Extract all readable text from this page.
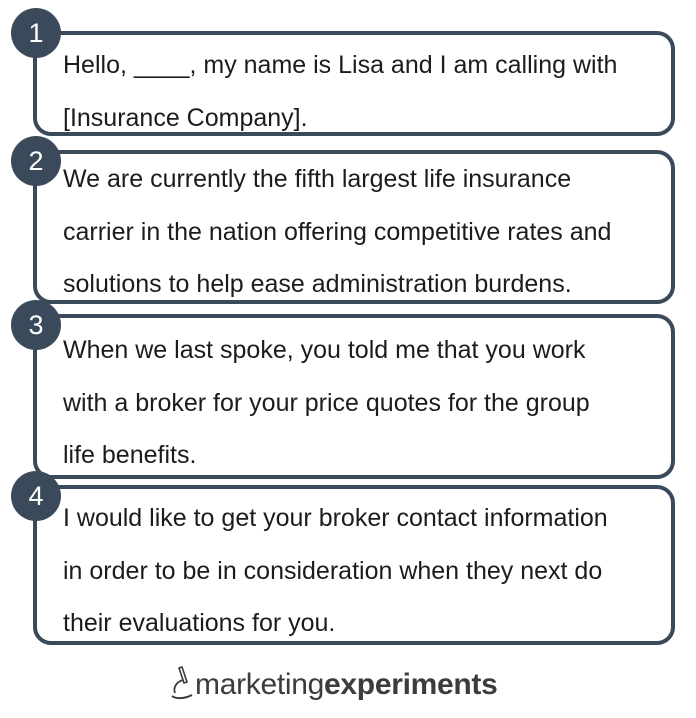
1

Hello, ____, my name is Lisa and I am calling with
[Insurance Company].

2

We are currently the fifth largest life insurance
carrier in the nation offering competitive rates and
solutions to help ease administration burdens.

3

When we last spoke, you told me that you work
with a broker for your price quotes for the group
life benefits.

4

I would like to get your broker contact information
in order to be in consideration when they next do
their evaluations for you.

marketing experiments
